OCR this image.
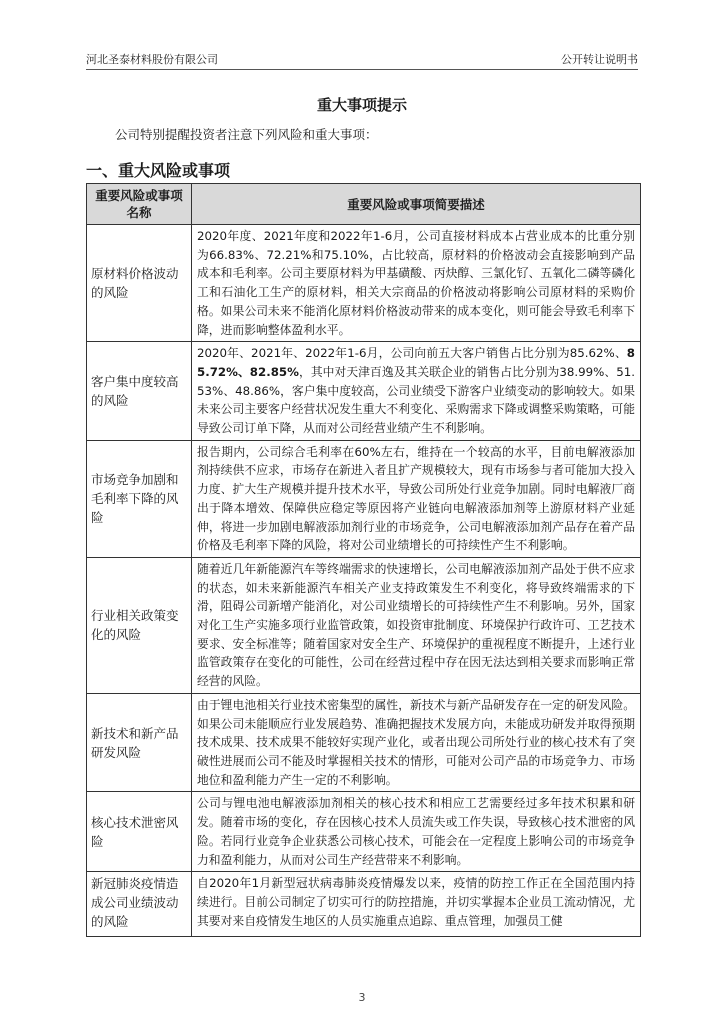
河北圣泰材料股份有限公司	公开转让说明书
重大事项提示
公司特别提醒投资者注意下列风险和重大事项：
一、重大风险或事项
重要风险或事项名称	重要风险或事项简要描述
原材料价格波动的风险	2020年度、2021年度和2022年1-6月，公司直接材料成本占营业成本的比重分别为66.83%、72.21%和75.10%，占比较高，原材料的价格波动会直接影响到产品成本和毛利率。公司主要原材料为甲基磺酸、丙炔醇、三氯化钌、五氧化二磷等磷化工和石油化工生产的原材料，相关大宗商品的价格波动将影响公司原材料的采购价格。如果公司未来不能消化原材料价格波动带来的成本变化，则可能会导致毛利率下降，进而影响整体盈利水平。
客户集中度较高的风险	2020年、2021年、2022年1-6月，公司向前五大客户销售占比分别为85.62%、85.72%、82.85%，其中对天津百逸及其关联企业的销售占比分别为38.99%、51.53%、48.86%，客户集中度较高，公司业绩受下游客户业绩变动的影响较大。如果未来公司主要客户经营状况发生重大不利变化、采购需求下降或调整采购策略，可能导致公司订单下降，从而对公司经营业绩产生不利影响。
市场竞争加剧和毛利率下降的风险	报告期内，公司综合毛利率在60%左右，维持在一个较高的水平，目前电解液添加剂持续供不应求，市场存在新进入者且扩产规模较大，现有市场参与者可能加大投入力度、扩大生产规模并提升技术水平，导致公司所处行业竞争加剧。同时电解液厂商出于降本增效、保障供应稳定等原因将产业链向电解液添加剂等上游原材料产业延伸，将进一步加剧电解液添加剂行业的市场竞争，公司电解液添加剂产品存在着产品价格及毛利率下降的风险，将对公司业绩增长的可持续性产生不利影响。
行业相关政策变化的风险	随着近几年新能源汽车等终端需求的快速增长，公司电解液添加剂产品处于供不应求的状态，如未来新能源汽车相关产业支持政策发生不利变化，将导致终端需求的下滑，阻碍公司新增产能消化，对公司业绩增长的可持续性产生不利影响。另外，国家对化工生产实施多项行业监管政策，如投资审批制度、环境保护行政许可、工艺技术要求、安全标准等；随着国家对安全生产、环境保护的重视程度不断提升，上述行业监管政策存在变化的可能性，公司在经营过程中存在因无法达到相关要求而影响正常经营的风险。
新技术和新产品研发风险	由于锂电池相关行业技术密集型的属性，新技术与新产品研发存在一定的研发风险。如果公司未能顺应行业发展趋势、准确把握技术发展方向，未能成功研发并取得预期技术成果、技术成果不能较好实现产业化，或者出现公司所处行业的核心技术有了突破性进展而公司不能及时掌握相关技术的情形，可能对公司产品的市场竞争力、市场地位和盈利能力产生一定的不利影响。
核心技术泄密风险	公司与锂电池电解液添加剂相关的核心技术和相应工艺需要经过多年技术积累和研发。随着市场的变化，存在因核心技术人员流失或工作失误，导致核心技术泄密的风险。若同行业竞争企业获悉公司核心技术，可能会在一定程度上影响公司的市场竞争力和盈利能力，从而对公司生产经营带来不利影响。
新冠肺炎疫情造成公司业绩波动的风险	自2020年1月新型冠状病毒肺炎疫情爆发以来，疫情的防控工作正在全国范围内持续进行。目前公司制定了切实可行的防控措施，并切实掌握本企业员工流动情况，尤其要对来自疫情发生地区的人员实施重点追踪、重点管理，加强员工健
3
